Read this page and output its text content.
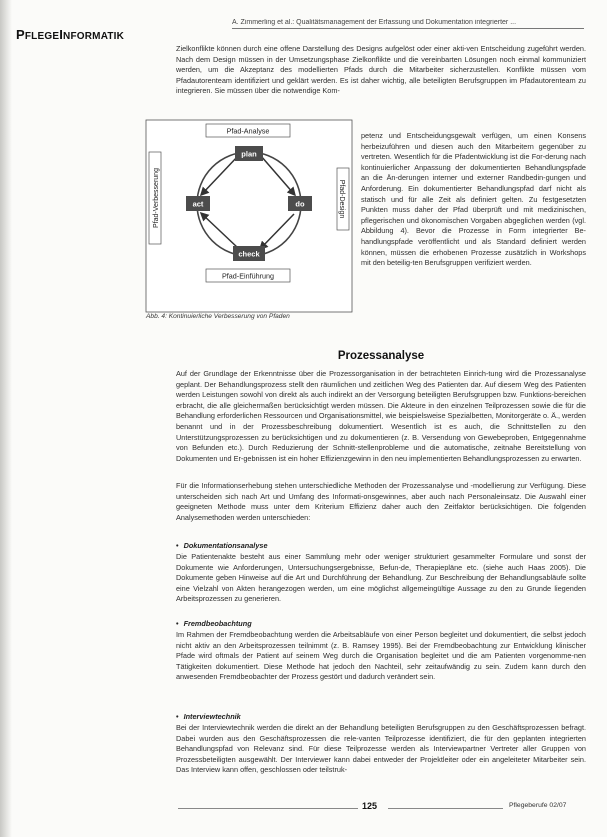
PFLEGEINFORMATIK
A. Zimmerling et al.: Qualitätsmanagement der Erfassung und Dokumentation integrierter ...

Zielkonflikte können durch eine offene Darstellung des Designs aufgelöst oder einer akti-ven Entscheidung zugeführt werden. Nach dem Design müssen in der Umsetzungsphase Zielkonflikte und die vereinbarten Lösungen noch einmal kommuniziert werden, um die Akzeptanz des modellierten Pfads durch die Mitarbeiter sicherzustellen. Konflikte müssen vom Pfadautorenteam identifiziert und geklärt werden. Es ist daher wichtig, alle beteiligten Berufsgruppen im Pfadautorenteam zu integrieren. Sie müssen über die notwendige Kom-

Pfad-Analyse
Pfad-Einführung
Pfad-Verbesserung	Pfad-Design
plan
do
check
act
Abb. 4: Kontinuierliche Verbesserung von Pfaden

petenz und Entscheidungsgewalt verfügen, um einen Konsens herbeizuführen und diesen auch den Mitarbeitern gegenüber zu vertreten. Wesentlich für die Pfadentwicklung ist die For-derung nach kontinuierlicher Anpassung der dokumentierten Behandlungspfade an die Än-derungen interner und externer Randbedin-gungen und Anforderung. Ein dokumentierter Behandlungspfad darf nicht als statisch und für alle Zeit als definiert gelten. Zu festgesetzten Punkten muss daher der Pfad überprüft und mit medizinischen, pflegerischen und ökonomischen Vorgaben abgeglichen werden (vgl. Abbildung 4). Bevor die Prozesse in Form integrierter Be-handlungspfade veröffentlicht und als Standard definiert werden können, müssen die erhobenen Prozesse zusätzlich in Workshops mit den beteilig-ten Berufsgruppen verifiziert werden.

Prozessanalyse

Auf der Grundlage der Erkenntnisse über die Prozessorganisation in der betrachteten Einrich-tung wird die Prozessanalyse geplant. Der Behandlungsprozess stellt den räumlichen und zeitlichen Weg des Patienten dar. Auf diesem Weg des Patienten werden Leistungen sowohl von direkt als auch indirekt an der Versorgung beteiligten Berufsgruppen bzw. Funktions-bereichen erbracht, die alle gleichermaßen berücksichtigt werden müssen. Die Akteure in den einzelnen Teilprozessen sowie die für die Behandlung erforderlichen Ressourcen und Organisationsmittel, wie beispielsweise Spezialbetten, Monitorgeräte o. Ä., werden benannt und in der Prozessbeschreibung dokumentiert. Wesentlich ist es auch, die Schnittstellen zu den Unterstützungsprozessen zu berücksichtigen und zu dokumentieren (z. B. Versendung von Gewebeproben, Entgegennahme von Befunden etc.). Durch Reduzierung der Schnitt-stellenprobleme und die automatische, zeitnahe Bereitstellung von Dokumenten und Er-gebnissen ist ein hoher Effizienzgewinn in den neu implementierten Behandlungsprozessen zu erwarten.

Für die Informationserhebung stehen unterschiedliche Methoden der Prozessanalyse und -modellierung zur Verfügung. Diese unterscheiden sich nach Art und Umfang des Informati-onsgewinnes, aber auch nach Personaleinsatz. Die Auswahl einer geeigneten Methode muss unter dem Kriterium Effizienz daher auch den Zeitfaktor berücksichtigen. Die folgenden Analysemethoden werden unterschieden:

• Dokumentationsanalyse

Die Patientenakte besteht aus einer Sammlung mehr oder weniger strukturiert gesammelter Formulare und sonst der Dokumente wie Anforderungen, Untersuchungsergebnisse, Befun-de, Therapiepläne etc. (siehe auch Haas 2005). Die Dokumente geben Hinweise auf die Art und Durchführung der Behandlung. Zur Beschreibung der Behandlungsabläufe sollte eine Vielzahl von Akten herangezogen werden, um eine möglichst allgemeingültige Aussage zu den zu Grunde liegenden Arbeitsprozessen zu generieren.

• Fremdbeobachtung

Im Rahmen der Fremdbeobachtung werden die Arbeitsabläufe von einer Person begleitet und dokumentiert, die selbst jedoch nicht aktiv an den Arbeitsprozessen teilnimmt (z. B. Ramsey 1995). Bei der Fremdbeobachtung zur Entwicklung klinischer Pfade wird oftmals der Patient auf seinem Weg durch die Organisation begleitet und die am Patienten vorgenomme-nen Tätigkeiten dokumentiert. Diese Methode hat jedoch den Nachteil, sehr zeitaufwändig zu sein. Zudem kann durch den anwesenden Fremdbeobachter der Prozess gestört und dadurch verändert sein.

• Interviewtechnik

Bei der Interviewtechnik werden die direkt an der Behandlung beteiligten Berufsgruppen zu den Geschäftsprozessen befragt. Dabei wurden aus den Geschäftsprozessen die rele-vanten Teilprozesse identifiziert, die für den geplanten integrierten Behandlungspfad von Relevanz sind. Für diese Teilprozesse werden als Interviewpartner Vertreter aller Gruppen von Prozessbeteiligten ausgewählt. Der Interviewer kann dabei entweder der Projektleiter oder ein angeleiteter Mitarbeiter sein. Das Interview kann offen, geschlossen oder teilstruk-

125	Pflegeberufe 02/07
